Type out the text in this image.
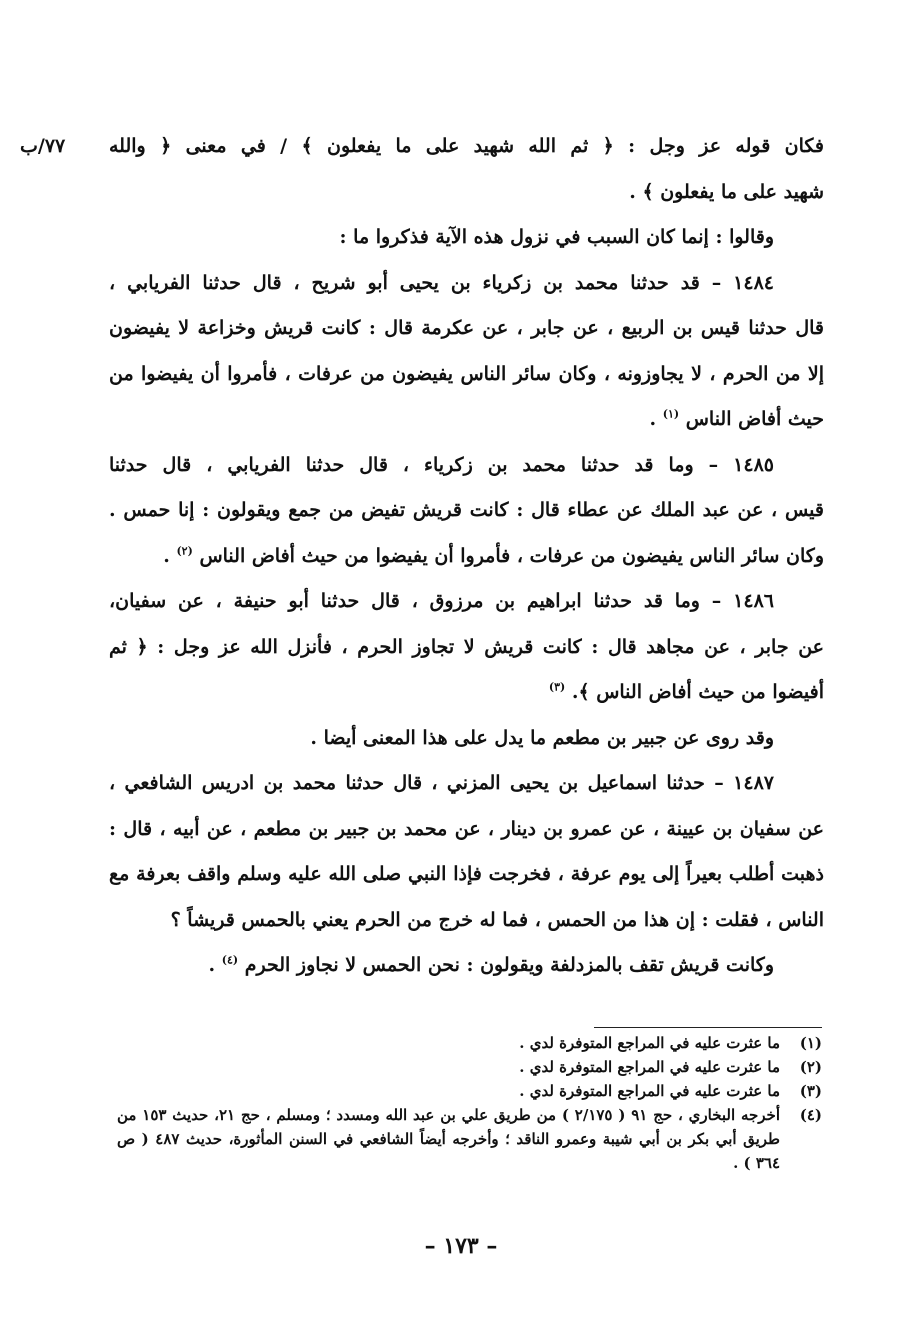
٧٧/ب	فكان قوله عز وجل : ﴿ ثم الله شهيد على ما يفعلون ﴾ / في معنى ﴿ والله
شهيد على ما يفعلون ﴾ .

وقالوا : إنما كان السبب في نزول هذه الآية فذكروا ما :

١٤٨٤ – قد حدثنا محمد بن زكرياء بن يحيى أبو شريح ، قال حدثنا الفريابي ،
قال حدثنا قيس بن الربيع ، عن جابر ، عن عكرمة قال : كانت قريش وخزاعة لا يفيضون
إلا من الحرم ، لا يجاوزونه ، وكان سائر الناس يفيضون من عرفات ، فأمروا أن يفيضوا من
حيث أفاض الناس $^{(١)}$ .

١٤٨٥ – وما قد حدثنا محمد بن زكرياء ، قال حدثنا الفريابي ، قال حدثنا
قيس ، عن عبد الملك عن عطاء قال : كانت قريش تفيض من جمع ويقولون : إنا حمس .
وكان سائر الناس يفيضون من عرفات ، فأمروا أن يفيضوا من حيث أفاض الناس $^{(٢)}$ .

١٤٨٦ – وما قد حدثنا ابراهيم بن مرزوق ، قال حدثنا أبو حنيفة ، عن سفيان،
عن جابر ، عن مجاهد قال : كانت قريش لا تجاوز الحرم ، فأنزل الله عز وجل : ﴿ ثم
أفيضوا من حيث أفاض الناس ﴾. $^{(٣)}$

وقد روى عن جبير بن مطعم ما يدل على هذا المعنى أيضا .

١٤٨٧ – حدثنا اسماعيل بن يحيى المزني ، قال حدثنا محمد بن ادريس الشافعي ،
عن سفيان بن عيينة ، عن عمرو بن دينار ، عن محمد بن جبير بن مطعم ، عن أبيه ، قال :
ذهبت أطلب بعيراً إلى يوم عرفة ، فخرجت فإذا النبي صلى الله عليه وسلم واقف بعرفة مع
الناس ، فقلت : إن هذا من الحمس ، فما له خرج من الحرم يعني بالحمس قريشاً ؟

وكانت قريش تقف بالمزدلفة ويقولون : نحن الحمس لا نجاوز الحرم $^{(٤)}$ .

(١)
ما عثرت عليه في المراجع المتوفرة لدي .
(٢)
ما عثرت عليه في المراجع المتوفرة لدي .
(٣)
ما عثرت عليه في المراجع المتوفرة لدي .
(٤)
أخرجه البخاري ، حج ٩١ ( ٢/١٧٥ ) من طريق علي بن عبد الله ومسدد ؛ ومسلم ، حج ٢١، حديث ١٥٣ من طريق أبي بكر بن أبي شيبة وعمرو الناقد ؛ وأخرجه أيضاً الشافعي في السنن المأثورة، حديث ٤٨٧ ( ص ٣٦٤ ) .
– ١٧٣ –
